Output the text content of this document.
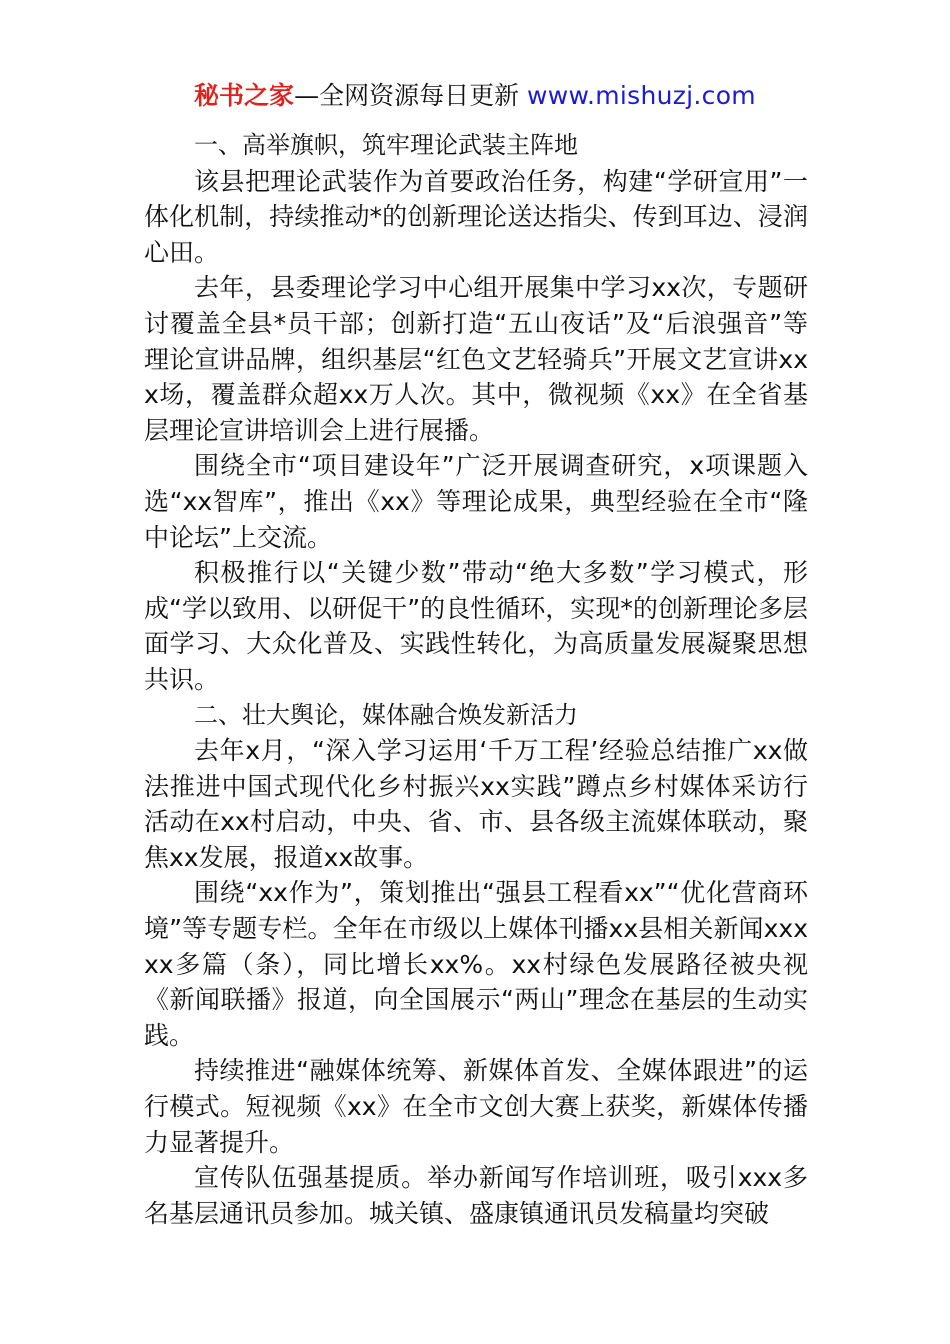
秘书之家—全网资源每日更新 www.mishuzj.com

一、高举旗帜，筑牢理论武装主阵地

该县把理论武装作为首要政治任务，构建“学研宣用”一体化机制，持续推动*的创新理论送达指尖、传到耳边、浸润心田。

去年，县委理论学习中心组开展集中学习xx次，专题研讨覆盖全县*员干部；创新打造“五山夜话”及“后浪强音”等理论宣讲品牌，组织基层“红色文艺轻骑兵”开展文艺宣讲xxx场，覆盖群众超xx万人次。其中，微视频《xx》在全省基层理论宣讲培训会上进行展播。

围绕全市“项目建设年”广泛开展调查研究，x项课题入选“xx智库”，推出《xx》等理论成果，典型经验在全市“隆中论坛”上交流。

积极推行以“关键少数”带动“绝大多数”学习模式，形成“学以致用、以研促干”的良性循环，实现*的创新理论多层面学习、大众化普及、实践性转化，为高质量发展凝聚思想共识。

二、壮大舆论，媒体融合焕发新活力

去年x月，“深入学习运用‘千万工程’经验总结推广xx做法推进中国式现代化乡村振兴xx实践”蹲点乡村媒体采访行活动在xx村启动，中央、省、市、县各级主流媒体联动，聚焦xx发展，报道xx故事。

围绕“xx作为”，策划推出“强县工程看xx”“优化营商环境”等专题专栏。全年在市级以上媒体刊播xx县相关新闻xxxxx多篇（条），同比增长xx%。xx村绿色发展路径被央视《新闻联播》报道，向全国展示“两山”理念在基层的生动实践。

持续推进“融媒体统筹、新媒体首发、全媒体跟进”的运行模式。短视频《xx》在全市文创大赛上获奖，新媒体传播力显著提升。

宣传队伍强基提质。举办新闻写作培训班，吸引xxx多名基层通讯员参加。城关镇、盛康镇通讯员发稿量均突破
